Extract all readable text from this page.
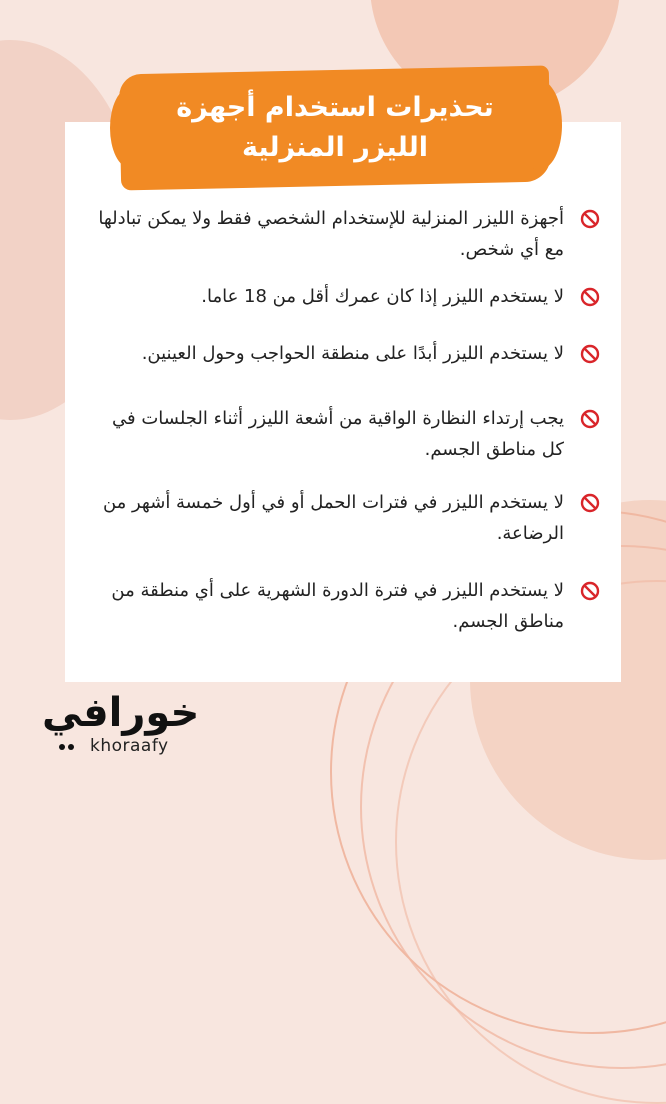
تحذيرات استخدام أجهزة
الليزر المنزلية
أجهزة الليزر المنزلية للإستخدام الشخصي فقط ولا يمكن تبادلها مع أي شخص.
لا يستخدم الليزر إذا كان عمرك أقل من 18 عاما.
لا يستخدم الليزر أبدًا على منطقة الحواجب وحول العينين.
يجب إرتداء النظارة الواقية من أشعة الليزر أثناء الجلسات في كل مناطق الجسم.
لا يستخدم الليزر في فترات الحمل أو في أول خمسة أشهر من الرضاعة.
لا يستخدم الليزر في فترة الدورة الشهرية على أي منطقة من مناطق الجسم.
خورافي
khoraafy
